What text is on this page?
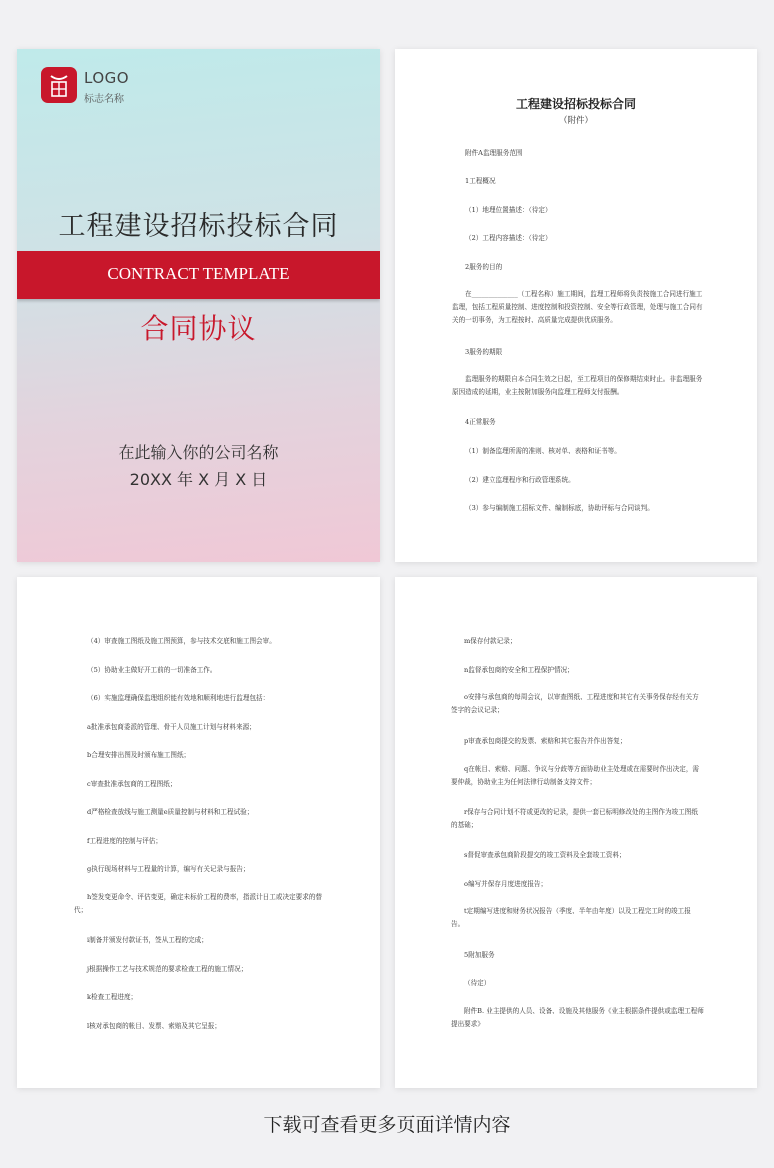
LOGO
标志名称
工程建设招标投标合同
CONTRACT TEMPLATE
合同协议
在此输入你的公司名称
20XX 年 X 月 X 日
工程建设招标投标合同
（附件）
附件A监理服务范围
1工程概况
（1）地理位置描述：（待定）
（2）工程内容描述：（待定）
2服务的目的
在______________（工程名称）施工期间，监理工程师将负责按施工合同进行施工监理，包括工程质量控制、进度控制和投资控制、安全等行政管理，处理与施工合同有关的一切事务，为工程按时、高质量完成提供优质服务。
3服务的期限
监理服务的期限自本合同生效之日起，至工程项目的保修期结束时止。非监理服务原因造成的延期，业主按附加服务向监理工程师支付报酬。
4正常服务
（1）制备监理所需的准则、核对单、表格和证书等。
（2）建立监理程序和行政管理系统。
（3）参与编制施工招标文件、编制标底，协助评标与合同谈判。
（4）审查施工图纸及施工图预算，参与技术交底和施工图会审。
（5）协助业主做好开工前的一切准备工作。
（6）实施监理确保监理组织能有效地和顺利地进行监理包括：
a批准承包商委派的管理、骨干人员施工计划与材料来源；
b合理安排出图及时颁布施工图纸；
c审查批准承包商的工程图纸；
d严格检查放线与施工测量e质量控制与材料和工程试验；
f工程进度的控制与评估；
g执行现场材料与工程量的计算，编写有关记录与报告；
h签发变更命令、评估变更，确定未标价工程的费率，指派计日工或决定要求的替代；
i制备并颁发付款证书，签从工程的完成；
j根据操作工艺与技术规范的要求检查工程的施工情况；
k检查工程进度；
l核对承包商的帐目、发票、索赔及其它呈报；
m保存付款记录；
n监督承包商的安全和工程保护情况；
o安排与承包商的每周会议，以审查图纸、工程进度和其它有关事务保存经有关方签字的会议记录；
p审查承包商提交的发票、索赔和其它报告并作出答复；
q在帐目、索赔、问题、争议与分歧等方面协助业主处理或在需要时作出决定，需要仲裁，协助业主为任何法律行动制备支持文件；
r保存与合同计划不符或更改的记录，提供一套已标明修改处的主图作为竣工图纸的基础；
s督促审查承包商阶段提交的竣工资料及全套竣工资料；
o编写并保存月度进度报告；
t定期编写进度和财务状况报告（季度、半年由年度）以及工程完工时的竣工报告。
5附加服务
（待定）
附件B. 业主提供的人员、设备、设施及其他服务《业主根据条件提供或监理工程师提出要求》
下载可查看更多页面详情内容
